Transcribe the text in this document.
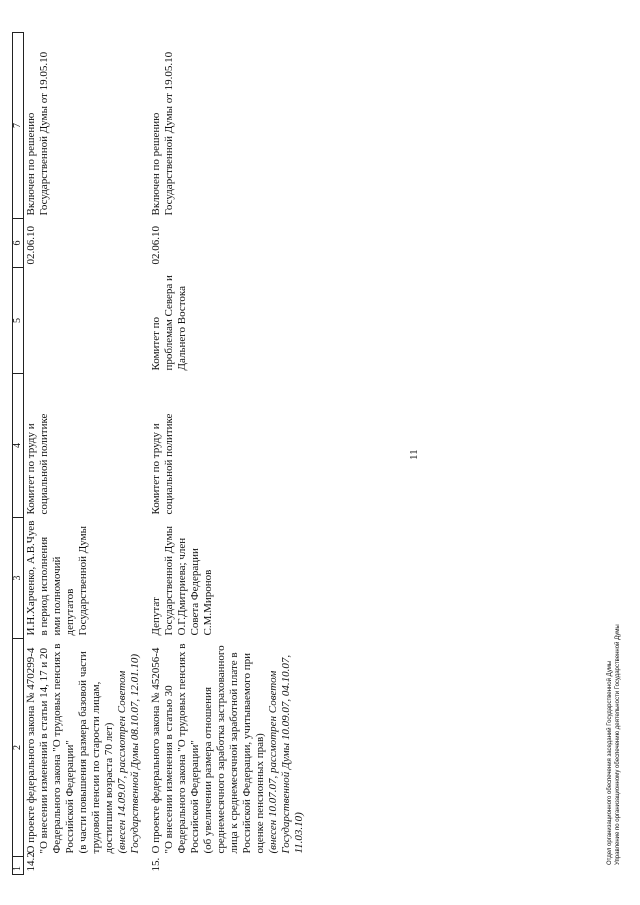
11
1	2	3	4	5	6	7
14.2.	О проекте федерального закона № 470299-4 "О внесении изменений в статьи 14, 17 и 20 Федерального закона "О трудовых пенсиях в Российской Федерации" (в части повышения размера базовой части трудовой пенсии по старости лицам, достигшим возраста 70 лет) (внесен 14.09.07, рассмотрен Советом Государственной Думы 08.10.07, 12.01.10)	И.Н.Харченко, А.В.Чуев в период исполнения ими полномочий депутатов Государственной Думы	Комитет по труду и социальной политике		02.06.10	Включен по решению Государственной Думы от 19.05.10

15.	О проекте федерального закона № 452056-4 "О внесении изменения в статью 30 Федерального закона "О трудовых пенсиях в Российской Федерации" (об увеличении размера отношения среднемесячного заработка застрахованного лица к среднемесячной заработной плате в Российской Федерации, учитываемого при оценке пенсионных прав) (внесен 10.07.07, рассмотрен Советом Государственной Думы 10.09.07, 04.10.07, 11.03.10)	Депутат Государственной Думы О.Г.Дмитриева; член Совета Федерации С.М.Миронов	Комитет по труду и социальной политике	Комитет по проблемам Севера и Дальнего Востока	02.06.10	Включен по решению Государственной Думы от 19.05.10
Отдел организационного обеспечения заседаний Государственной Думы Управление по организационному обеспечению деятельности Государственной Думы
